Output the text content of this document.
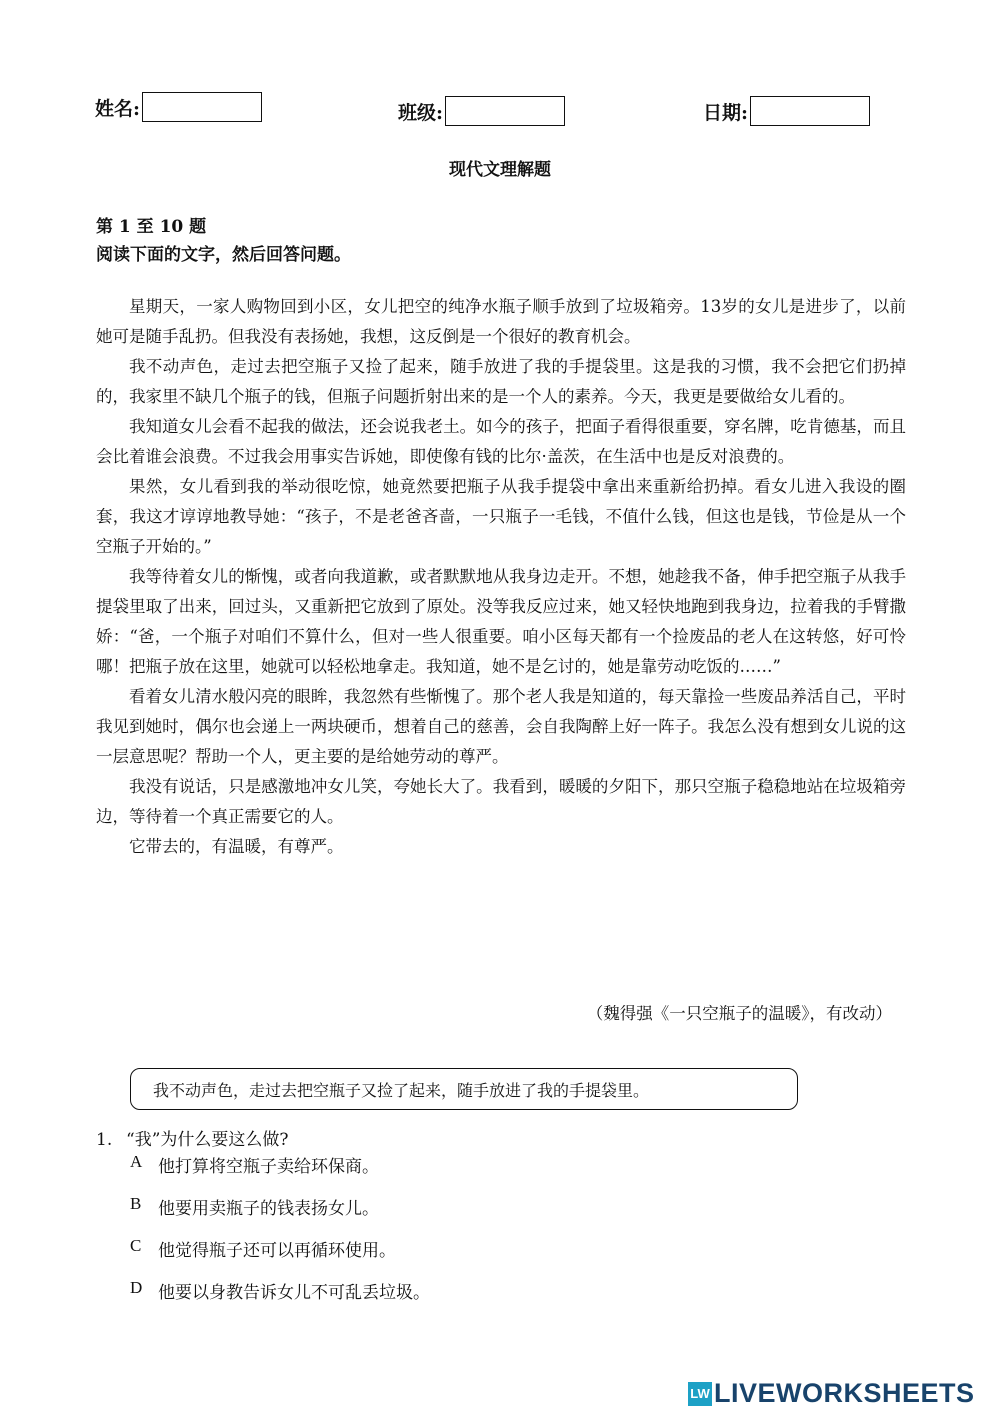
姓名:	班级:	日期:
现代文理解题
第 1 至 10 题
阅读下面的文字，然后回答问题。

星期天，一家人购物回到小区，女儿把空的纯净水瓶子顺手放到了垃圾箱旁。13岁的女儿是进步了，以前她可是随手乱扔。但我没有表扬她，我想，这反倒是一个很好的教育机会。

我不动声色，走过去把空瓶子又捡了起来，随手放进了我的手提袋里。这是我的习惯，我不会把它们扔掉的，我家里不缺几个瓶子的钱，但瓶子问题折射出来的是一个人的素养。今天，我更是要做给女儿看的。

我知道女儿会看不起我的做法，还会说我老土。如今的孩子，把面子看得很重要，穿名牌，吃肯德基，而且会比着谁会浪费。不过我会用事实告诉她，即使像有钱的比尔·盖茨，在生活中也是反对浪费的。

果然，女儿看到我的举动很吃惊，她竟然要把瓶子从我手提袋中拿出来重新给扔掉。看女儿进入我设的圈套，我这才谆谆地教导她：“孩子，不是老爸吝啬，一只瓶子一毛钱，不值什么钱，但这也是钱，节俭是从一个空瓶子开始的。”

我等待着女儿的惭愧，或者向我道歉，或者默默地从我身边走开。不想，她趁我不备，伸手把空瓶子从我手提袋里取了出来，回过头，又重新把它放到了原处。没等我反应过来，她又轻快地跑到我身边，拉着我的手臂撒娇：“爸，一个瓶子对咱们不算什么，但对一些人很重要。咱小区每天都有一个捡废品的老人在这转悠，好可怜哪！把瓶子放在这里，她就可以轻松地拿走。我知道，她不是乞讨的，她是靠劳动吃饭的……”

看着女儿清水般闪亮的眼眸，我忽然有些惭愧了。那个老人我是知道的，每天靠捡一些废品养活自己，平时我见到她时，偶尔也会递上一两块硬币，想着自己的慈善，会自我陶醉上好一阵子。我怎么没有想到女儿说的这一层意思呢？帮助一个人，更主要的是给她劳动的尊严。

我没有说话，只是感激地冲女儿笑，夸她长大了。我看到，暖暖的夕阳下，那只空瓶子稳稳地站在垃圾箱旁边，等待着一个真正需要它的人。

它带去的，有温暖，有尊严。

（魏得强《一只空瓶子的温暖》，有改动）
我不动声色，走过去把空瓶子又捡了起来，随手放进了我的手提袋里。
1. “我”为什么要这么做?
A 他打算将空瓶子卖给环保商。
B 他要用卖瓶子的钱表扬女儿。
C 他觉得瓶子还可以再循环使用。
D 他要以身教告诉女儿不可乱丢垃圾。
LW LIVEWORKSHEETS
